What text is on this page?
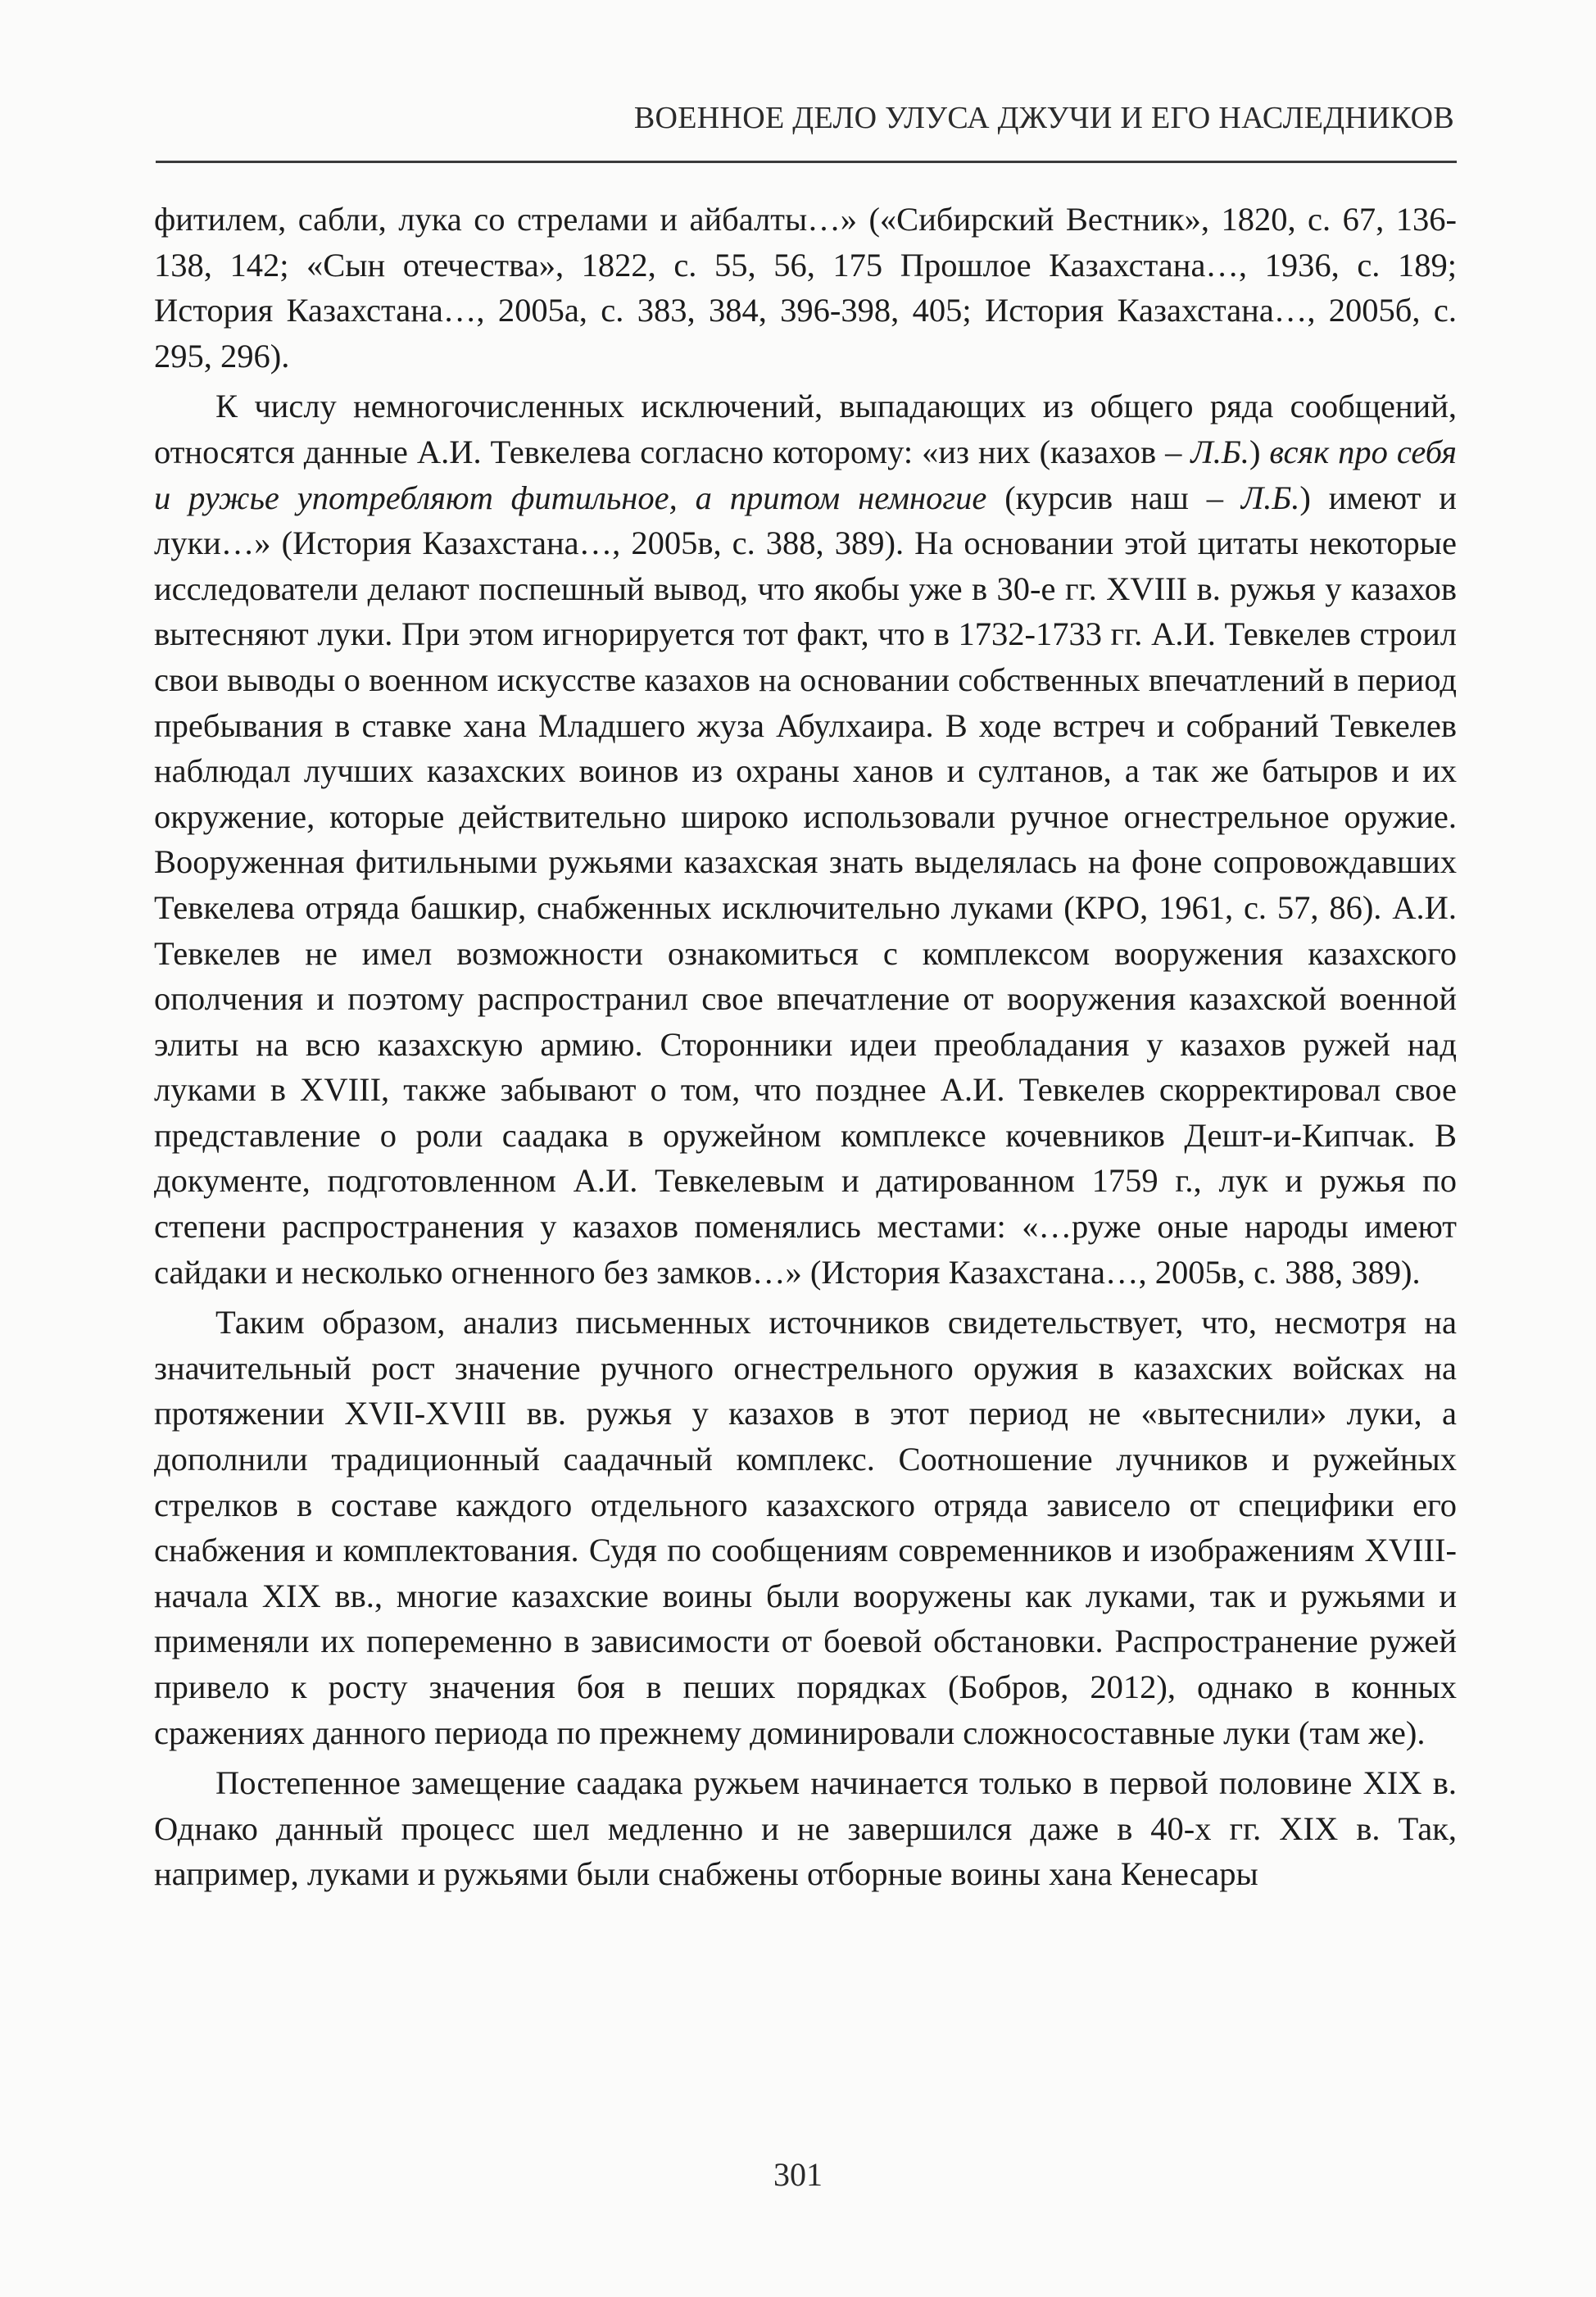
ВОЕННОЕ ДЕЛО УЛУСА ДЖУЧИ И ЕГО НАСЛЕДНИКОВ

фитилем, сабли, лука со стрелами и айбалты…» («Сибирский Вестник», 1820, с. 67, 136-138, 142; «Сын отечества», 1822, с. 55, 56, 175 Прошлое Казахстана…, 1936, с. 189; История Казахстана…, 2005а, с. 383, 384, 396-398, 405; История Казахстана…, 2005б, с. 295, 296).

К числу немногочисленных исключений, выпадающих из общего ряда сообщений, относятся данные А.И. Тевкелева согласно которому: «из них (казахов – Л.Б.) всяк про себя и ружье употребляют фитильное, а притом немногие (курсив наш – Л.Б.) имеют и луки…» (История Казахстана…, 2005в, с. 388, 389). На основании этой цитаты некоторые исследователи делают поспешный вывод, что якобы уже в 30-е гг. XVIII в. ружья у казахов вытесняют луки. При этом игнорируется тот факт, что в 1732-1733 гг. А.И. Тевкелев строил свои выводы о военном искусстве казахов на основании собственных впечатлений в период пребывания в ставке хана Младшего жуза Абулхаира. В ходе встреч и собраний Тевкелев наблюдал лучших казахских воинов из охраны ханов и султанов, а так же батыров и их окружение, которые действительно широко использовали ручное огнестрельное оружие. Вооруженная фитильными ружьями казахская знать выделялась на фоне сопровождавших Тевкелева отряда башкир, снабженных исключительно луками (КРО, 1961, с. 57, 86). А.И. Тевкелев не имел возможности ознакомиться с комплексом вооружения казахского ополчения и поэтому распространил свое впечатление от вооружения казахской военной элиты на всю казахскую армию. Сторонники идеи преобладания у казахов ружей над луками в XVIII, также забывают о том, что позднее А.И. Тевкелев скорректировал свое представление о роли саадака в оружейном комплексе кочевников Дешт-и-Кипчак. В документе, подготовленном А.И. Тевкелевым и датированном 1759 г., лук и ружья по степени распространения у казахов поменялись местами: «…руже оные народы имеют сайдаки и несколько огненного без замков…» (История Казахстана…, 2005в, с. 388, 389).

Таким образом, анализ письменных источников свидетельствует, что, несмотря на значительный рост значение ручного огнестрельного оружия в казахских войсках на протяжении XVII-XVIII вв. ружья у казахов в этот период не «вытеснили» луки, а дополнили традиционный саадачный комплекс. Соотношение лучников и ружейных стрелков в составе каждого отдельного казахского отряда зависело от специфики его снабжения и комплектования. Судя по сообщениям современников и изображениям XVIII-начала XIX вв., многие казахские воины были вооружены как луками, так и ружьями и применяли их попеременно в зависимости от боевой обстановки. Распространение ружей привело к росту значения боя в пеших порядках (Бобров, 2012), однако в конных сражениях данного периода по прежнему доминировали сложносоставные луки (там же).

Постепенное замещение саадака ружьем начинается только в первой половине XIX в. Однако данный процесс шел медленно и не завершился даже в 40-х гг. XIX в. Так, например, луками и ружьями были снабжены отборные воины хана Кенесары

301
